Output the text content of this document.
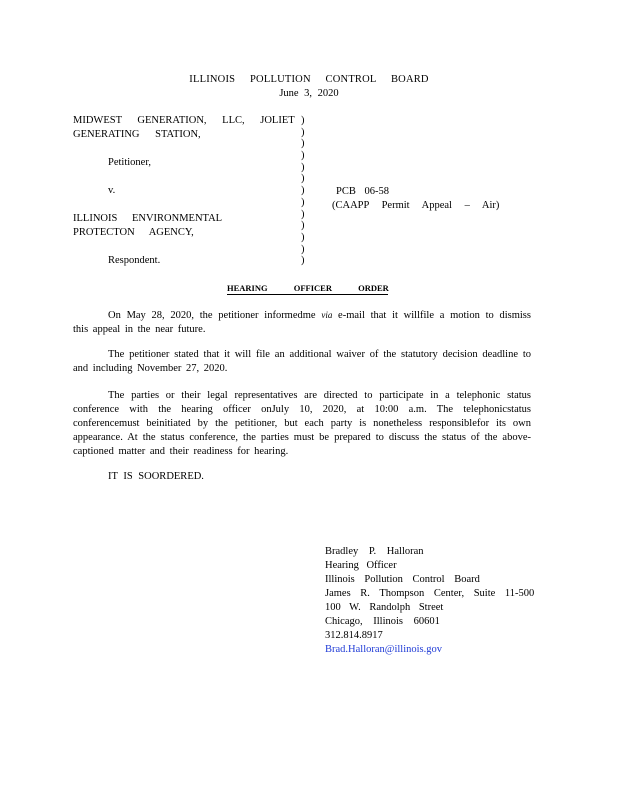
ILLINOIS POLLUTION CONTROL BOARD
June 3, 2020
MIDWEST GENERATION, LLC, JOLIET
GENERATING STATION,
Petitioner,
v.
ILLINOIS ENVIRONMENTAL
PROTECTON AGENCY,
Respondent.
)
)
)
)
)
)
)
)
)
)
)
)
)
PCB 06-58
(CAAPP Permit Appeal – Air)
HEARING OFFICER ORDER
On May 28, 2020, the petitioner informedme via e-mail that it willfile a motion to dismiss this appeal in the near future.
The petitioner stated that it will file an additional waiver of the statutory decision deadline to and including November 27, 2020.
The parties or their legal representatives are directed to participate in a telephonic status conference with the hearing officer onJuly 10, 2020, at 10:00 a.m. The telephonicstatus conferencemust beinitiated by the petitioner, but each party is nonetheless responsiblefor its own appearance. At the status conference, the parties must be prepared to discuss the status of the above-captioned matter and their readiness for hearing.
IT IS SOORDERED.
Bradley P. Halloran
Hearing Officer
Illinois Pollution Control Board
James R. Thompson Center, Suite 11-500
100 W. Randolph Street
Chicago, Illinois 60601
312.814.8917
Brad.Halloran@illinois.gov
